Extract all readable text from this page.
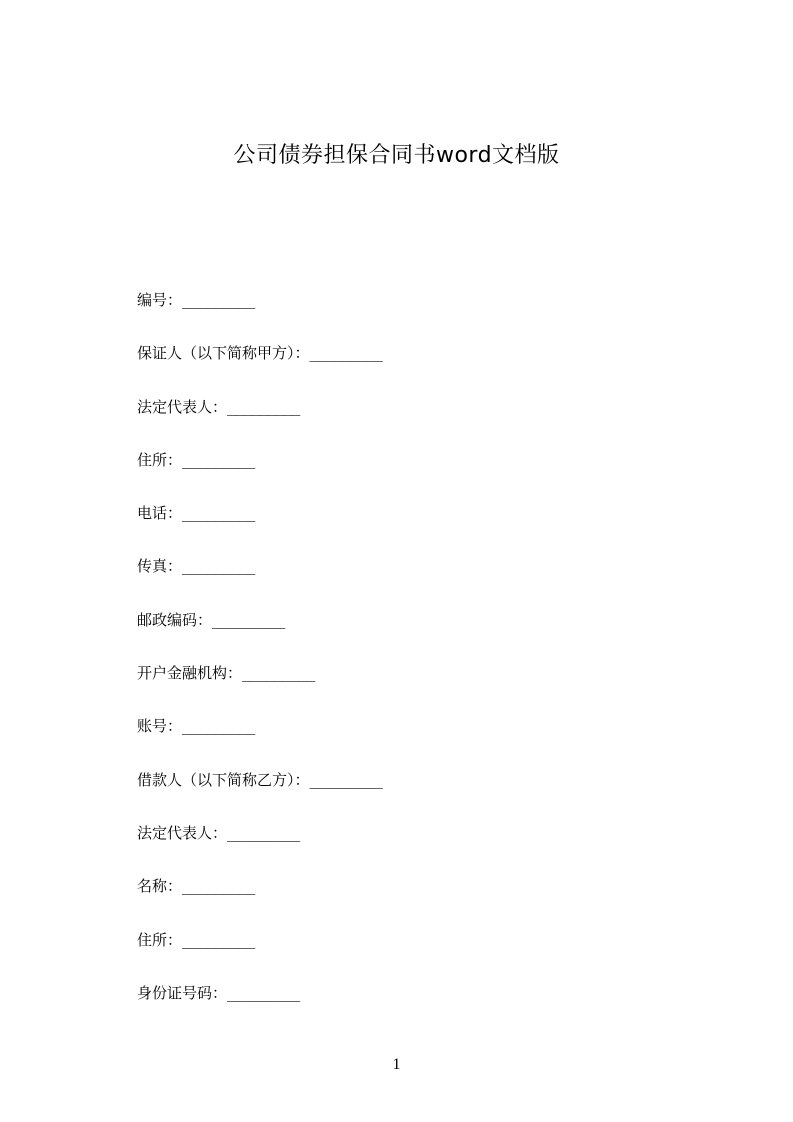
公司债券担保合同书word文档版
编号：_________
保证人（以下简称甲方）：_________
法定代表人：_________
住所：_________
电话：_________
传真：_________
邮政编码：_________
开户金融机构：_________
账号：_________
借款人（以下简称乙方）：_________
法定代表人：_________
名称：_________
住所：_________
身份证号码：_________
1
